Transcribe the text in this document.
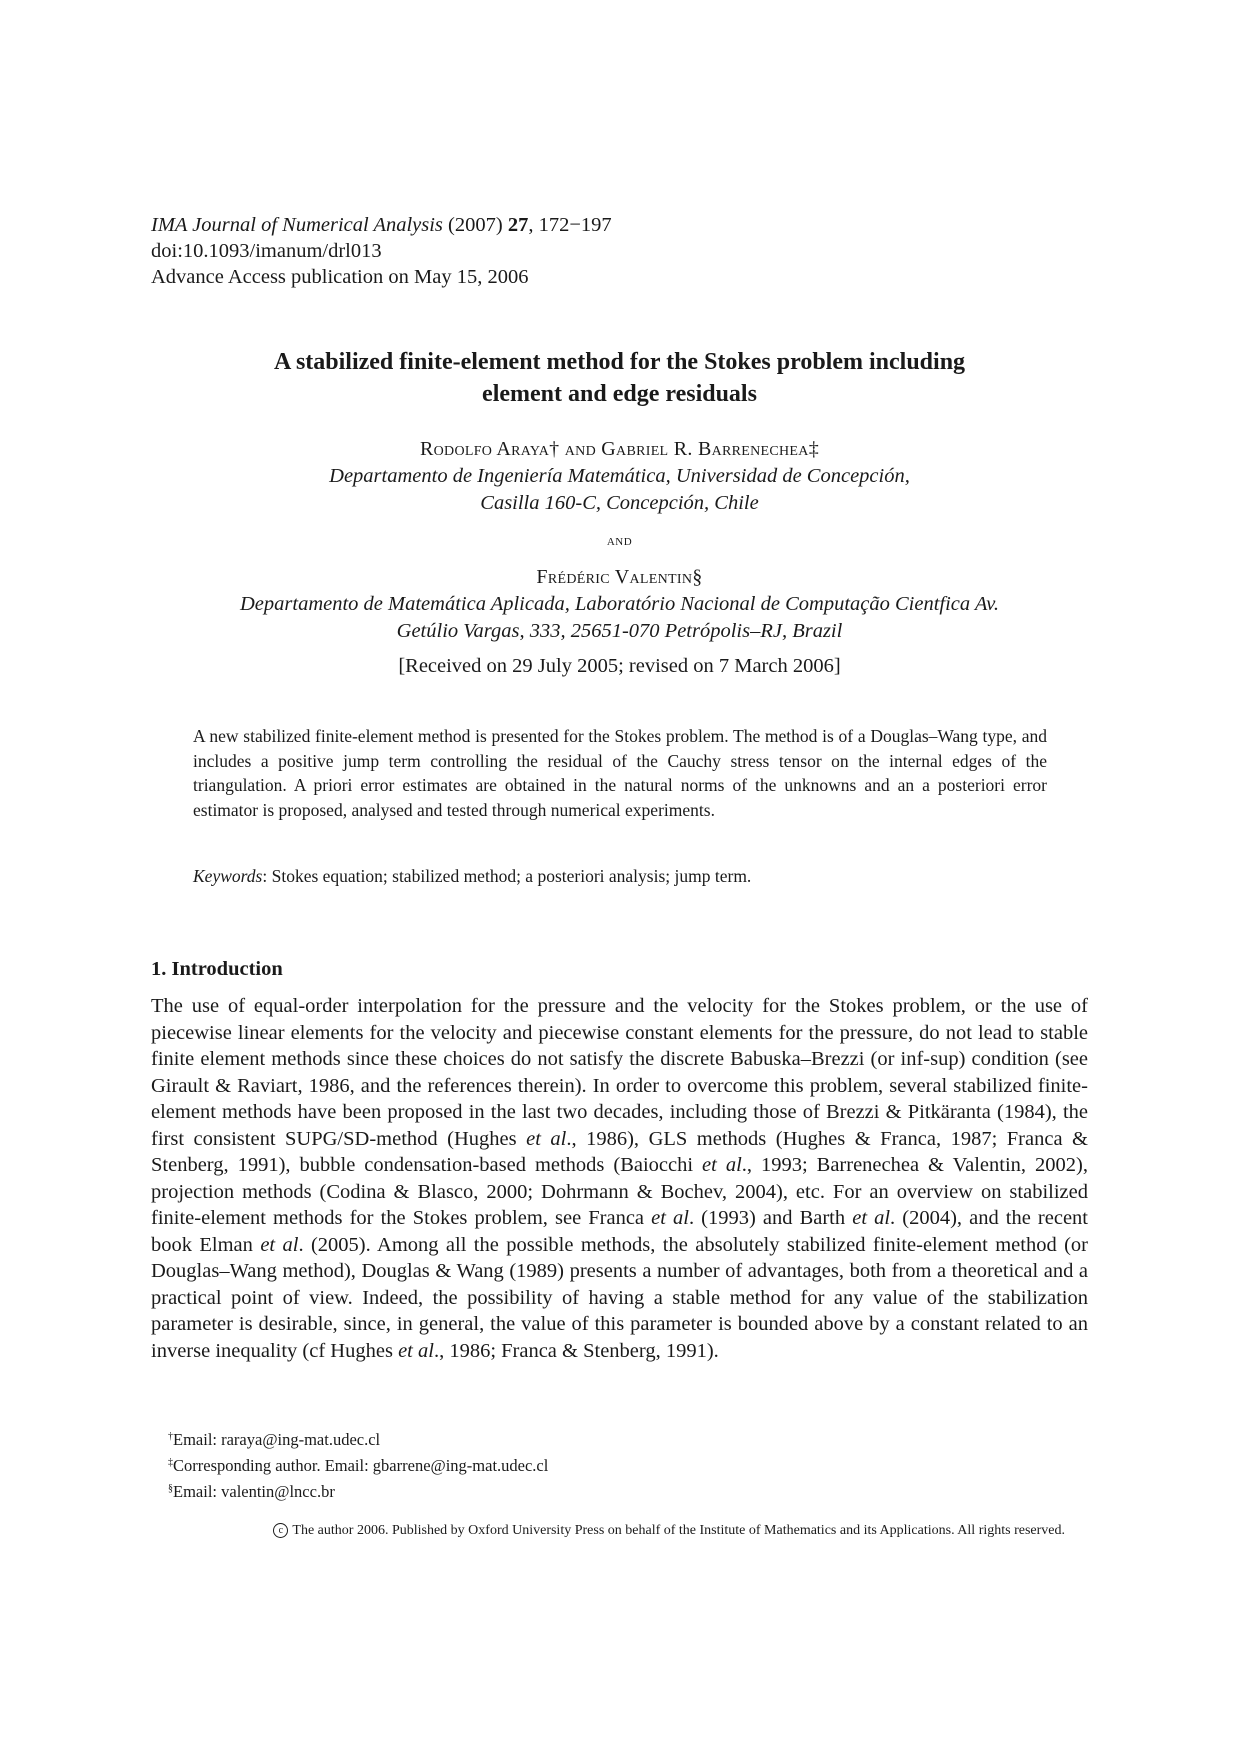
IMA Journal of Numerical Analysis (2007) 27, 172−197
doi:10.1093/imanum/drl013
Advance Access publication on May 15, 2006
A stabilized finite-element method for the Stokes problem including
element and edge residuals
Rodolfo Araya† and Gabriel R. Barrenechea‡
Departamento de Ingeniería Matemática, Universidad de Concepción,
Casilla 160-C, Concepción, Chile
and
Frédéric Valentin§
Departamento de Matemática Aplicada, Laboratório Nacional de Computação Cientfica Av.
Getúlio Vargas, 333, 25651-070 Petrópolis–RJ, Brazil
[Received on 29 July 2005; revised on 7 March 2006]
A new stabilized finite-element method is presented for the Stokes problem. The method is of a Douglas–Wang type, and includes a positive jump term controlling the residual of the Cauchy stress tensor on the internal edges of the triangulation. A priori error estimates are obtained in the natural norms of the unknowns and an a posteriori error estimator is proposed, analysed and tested through numerical experiments.
Keywords: Stokes equation; stabilized method; a posteriori analysis; jump term.
1. Introduction
The use of equal-order interpolation for the pressure and the velocity for the Stokes problem, or the use of piecewise linear elements for the velocity and piecewise constant elements for the pressure, do not lead to stable finite element methods since these choices do not satisfy the discrete Babuska–Brezzi (or inf-sup) condition (see Girault & Raviart, 1986, and the references therein). In order to overcome this problem, several stabilized finite-element methods have been proposed in the last two decades, including those of Brezzi & Pitkäranta (1984), the first consistent SUPG/SD-method (Hughes et al., 1986), GLS methods (Hughes & Franca, 1987; Franca & Stenberg, 1991), bubble condensation-based methods (Baiocchi et al., 1993; Barrenechea & Valentin, 2002), projection methods (Codina & Blasco, 2000; Dohrmann & Bochev, 2004), etc. For an overview on stabilized finite-element methods for the Stokes problem, see Franca et al. (1993) and Barth et al. (2004), and the recent book Elman et al. (2005). Among all the possible methods, the absolutely stabilized finite-element method (or Douglas–Wang method), Douglas & Wang (1989) presents a number of advantages, both from a theoretical and a practical point of view. Indeed, the possibility of having a stable method for any value of the stabilization parameter is desirable, since, in general, the value of this parameter is bounded above by a constant related to an inverse inequality (cf Hughes et al., 1986; Franca & Stenberg, 1991).
†Email: raraya@ing-mat.udec.cl
‡Corresponding author. Email: gbarrene@ing-mat.udec.cl
§Email: valentin@lncc.br
c The author 2006. Published by Oxford University Press on behalf of the Institute of Mathematics and its Applications. All rights reserved.
